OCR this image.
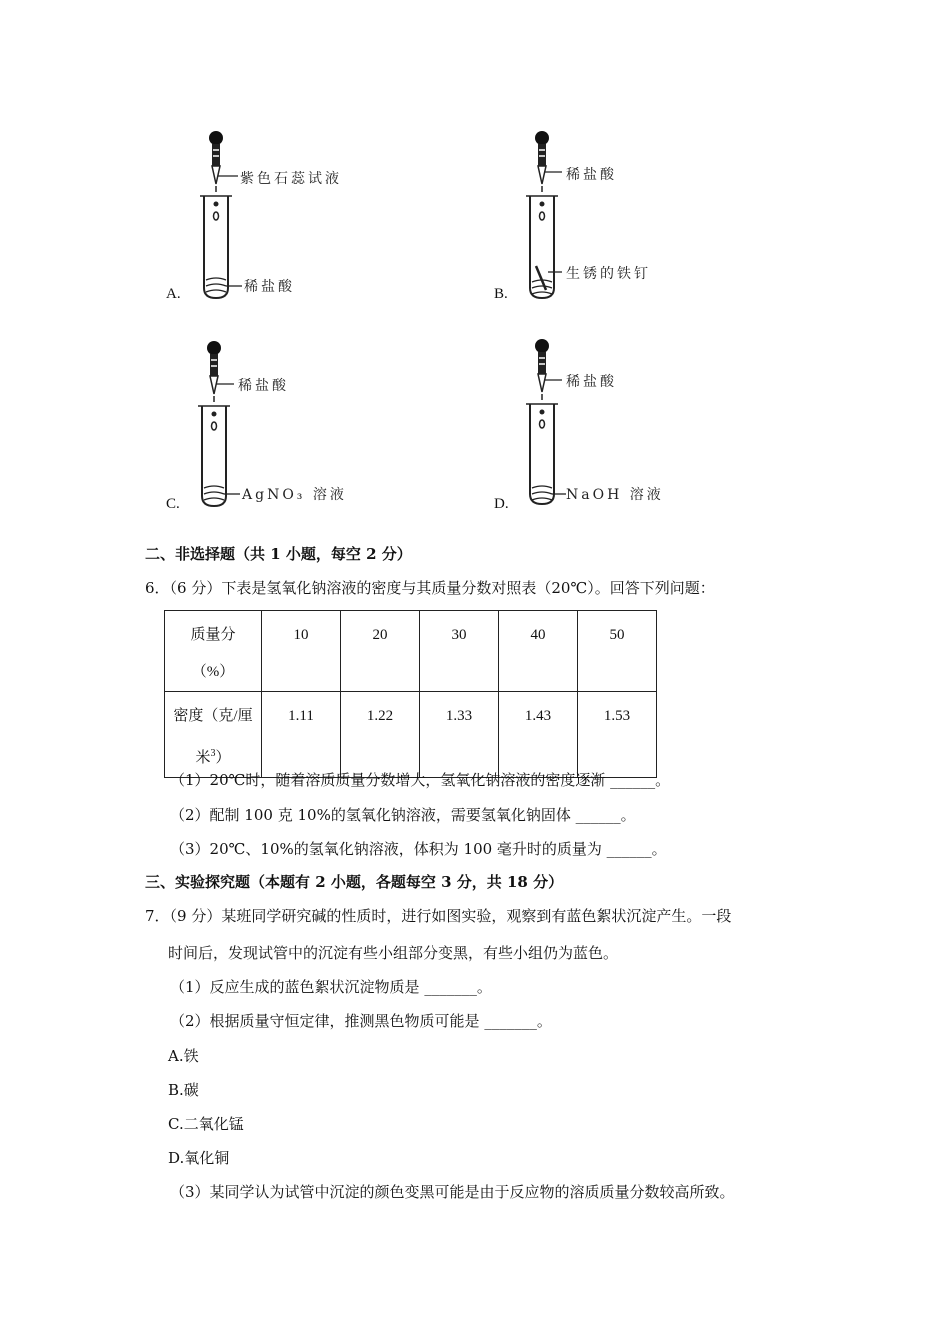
紫色石蕊试液
稀盐酸
A.
稀盐酸
生锈的铁钉
B.
稀盐酸
AgNO₃ 溶液
C.
稀盐酸
NaOH 溶液
D.
二、非选择题（共 1 小题，每空 2 分）
6．（6 分）下表是氢氧化钠溶液的密度与其质量分数对照表（20℃）。回答下列问题：
质量分
（%）	10	20	30	40	50

密度（克/厘
米$^3$）	1.11	1.22	1.33	1.43	1.53
（1）20℃时，随着溶质质量分数增大，氢氧化钠溶液的密度逐渐 ______。
（2）配制 100 克 10%的氢氧化钠溶液，需要氢氧化钠固体 ______。
（3）20℃、10%的氢氧化钠溶液，体积为 100 毫升时的质量为 ______。
三、实验探究题（本题有 2 小题，各题每空 3 分，共 18 分）
7．（9 分）某班同学研究碱的性质时，进行如图实验，观察到有蓝色絮状沉淀产生。一段
时间后，发现试管中的沉淀有些小组部分变黑，有些小组仍为蓝色。
（1）反应生成的蓝色絮状沉淀物质是 _______。
（2）根据质量守恒定律，推测黑色物质可能是 _______。
A.铁
B.碳
C.二氧化锰
D.氧化铜
（3）某同学认为试管中沉淀的颜色变黑可能是由于反应物的溶质质量分数较高所致。
